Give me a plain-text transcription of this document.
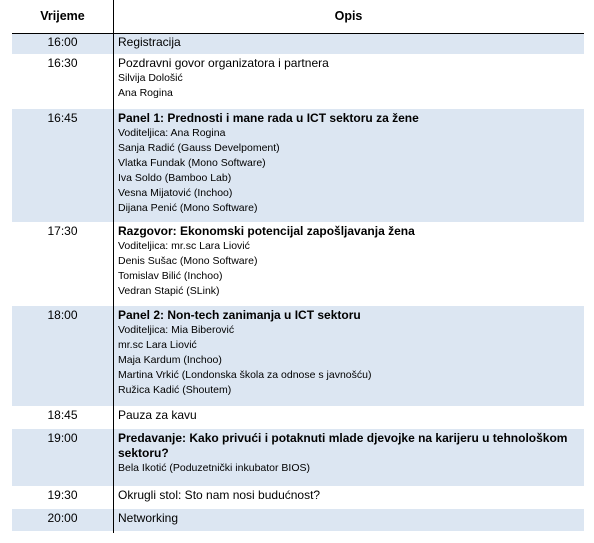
Vrijeme	Opis
16:00	Registracija
16:30	Pozdravni govor organizatora i partnera
Silvija Dološić
Ana Rogina
16:45	Panel 1: Prednosti i mane rada u ICT sektoru za žene
Voditeljica: Ana Rogina
Sanja Radić (Gauss Develpoment)
Vlatka Fundak (Mono Software)
Iva Soldo (Bamboo Lab)
Vesna Mijatović (Inchoo)
Dijana Penić (Mono Software)
17:30	Razgovor: Ekonomski potencijal zapošljavanja žena
Voditeljica: mr.sc Lara Liović
Denis Sušac (Mono Software)
Tomislav Bilić (Inchoo)
Vedran Stapić (SLink)
18:00	Panel 2: Non-tech zanimanja u ICT sektoru
Voditeljica: Mia Biberović
mr.sc Lara Liović
Maja Kardum (Inchoo)
Martina Vrkić (Londonska škola za odnose s javnošću)
Ružica Kadić (Shoutem)
18:45	Pauza za kavu
19:00	Predavanje: Kako privući i potaknuti mlade djevojke na karijeru u tehnološkom sektoru?
Bela Ikotić (Poduzetnički inkubator BIOS)
19:30	Okrugli stol: Sto nam nosi budućnost?
20:00	Networking
